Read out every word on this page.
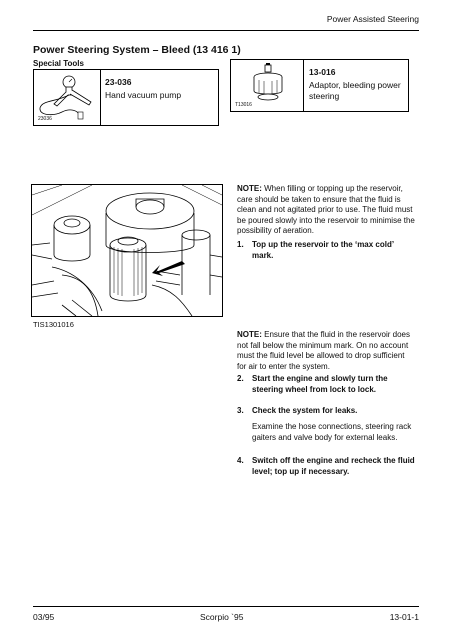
Power Assisted Steering
Power Steering System – Bleed (13 416 1)
Special Tools
23036
23-036
Hand vacuum pump
T13016
13-016
Adaptor, bleeding power steering
TIS1301016
NOTE: When filling or topping up the reservoir, care should be taken to ensure that the fluid is clean and not agitated prior to use. The fluid must be poured slowly into the reservoir to minimise the possibility of aeration.
1. Top up the reservoir to the ‘max cold’ mark.
NOTE: Ensure that the fluid in the reservoir does not fall below the minimum mark. On no account must the fluid level be allowed to drop sufficient for air to enter the system.
2. Start the engine and slowly turn the steering wheel from lock to lock.
3. Check the system for leaks.
Examine the hose connections, steering rack gaiters and valve body for external leaks.
4. Switch off the engine and recheck the fluid level; top up if necessary.
03/95	Scorpio `95	13-01-1
